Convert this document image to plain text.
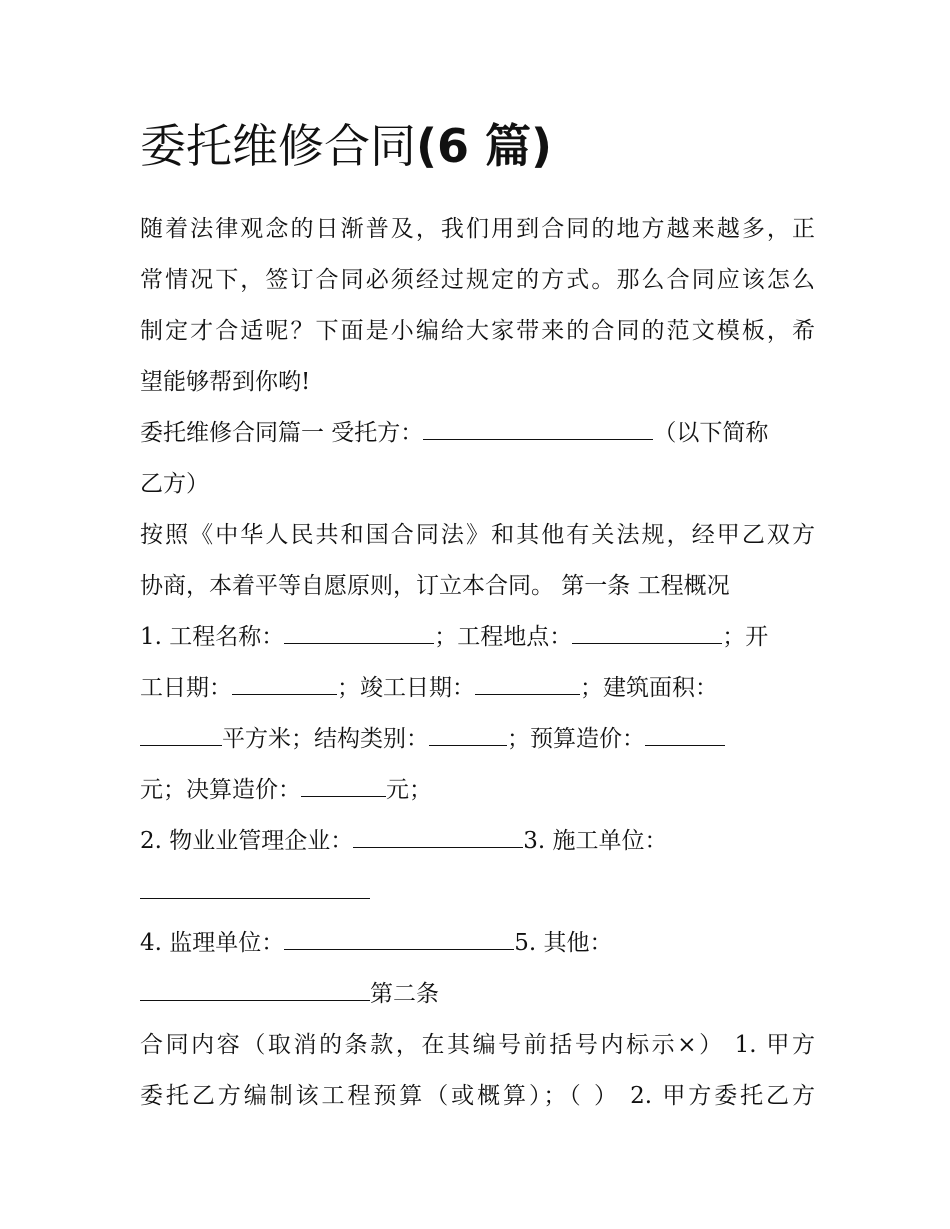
委托维修合同(6 篇)
随着法律观念的日渐普及，我们用到合同的地方越来越多，正
常情况下，签订合同必须经过规定的方式。那么合同应该怎么
制定才合适呢？下面是小编给大家带来的合同的范文模板，希
望能够帮到你哟!
委托维修合同篇一 受托方：	（以下简称
乙方）
按照《中华人民共和国合同法》和其他有关法规，经甲乙双方
协商，本着平等自愿原则，订立本合同。 第一条 工程概况
1. 工程名称：	；工程地点：	；开
工日期：	；竣工日期：	；建筑面积：
平方米；结构类别：	；预算造价：
元；决算造价：	元；
2. 物业业管理企业：	3. 施工单位：
4. 监理单位：	5. 其他：
第二条
合同内容（取消的条款，在其编号前括号内标示×） 1. 甲方
委托乙方编制该工程预算（或概算）；（ ） 2. 甲方委托乙方
